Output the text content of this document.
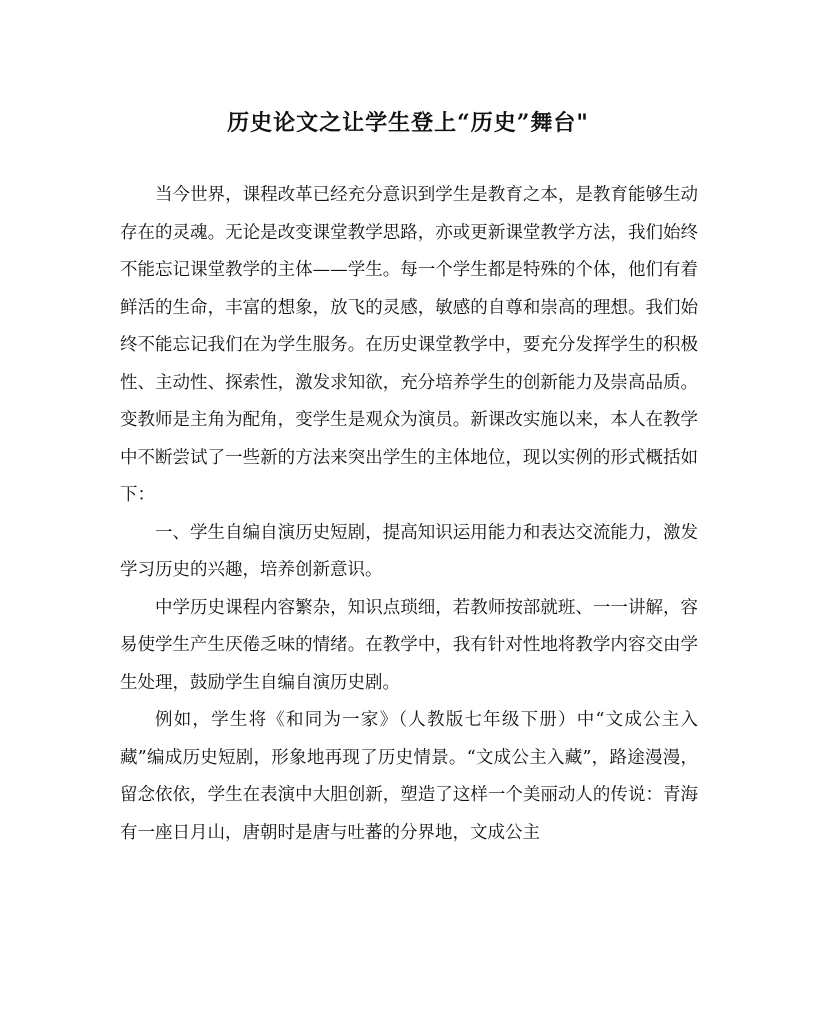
历史论文之让学生登上“历史”舞台"

当今世界，课程改革已经充分意识到学生是教育之本，是教育能够生动存在的灵魂。无论是改变课堂教学思路，亦或更新课堂教学方法，我们始终不能忘记课堂教学的主体——学生。每一个学生都是特殊的个体，他们有着鲜活的生命，丰富的想象，放飞的灵感，敏感的自尊和崇高的理想。我们始终不能忘记我们在为学生服务。在历史课堂教学中，要充分发挥学生的积极性、主动性、探索性，激发求知欲，充分培养学生的创新能力及崇高品质。变教师是主角为配角，变学生是观众为演员。新课改实施以来，本人在教学中不断尝试了一些新的方法来突出学生的主体地位，现以实例的形式概括如下：

一、学生自编自演历史短剧，提高知识运用能力和表达交流能力，激发学习历史的兴趣，培养创新意识。

中学历史课程内容繁杂，知识点琐细，若教师按部就班、一一讲解，容易使学生产生厌倦乏味的情绪。在教学中，我有针对性地将教学内容交由学生处理，鼓励学生自编自演历史剧。

例如，学生将《和同为一家》（人教版七年级下册）中“文成公主入藏”编成历史短剧，形象地再现了历史情景。“文成公主入藏”，路途漫漫，留念依依，学生在表演中大胆创新，塑造了这样一个美丽动人的传说：青海有一座日月山，唐朝时是唐与吐蕃的分界地，文成公主
